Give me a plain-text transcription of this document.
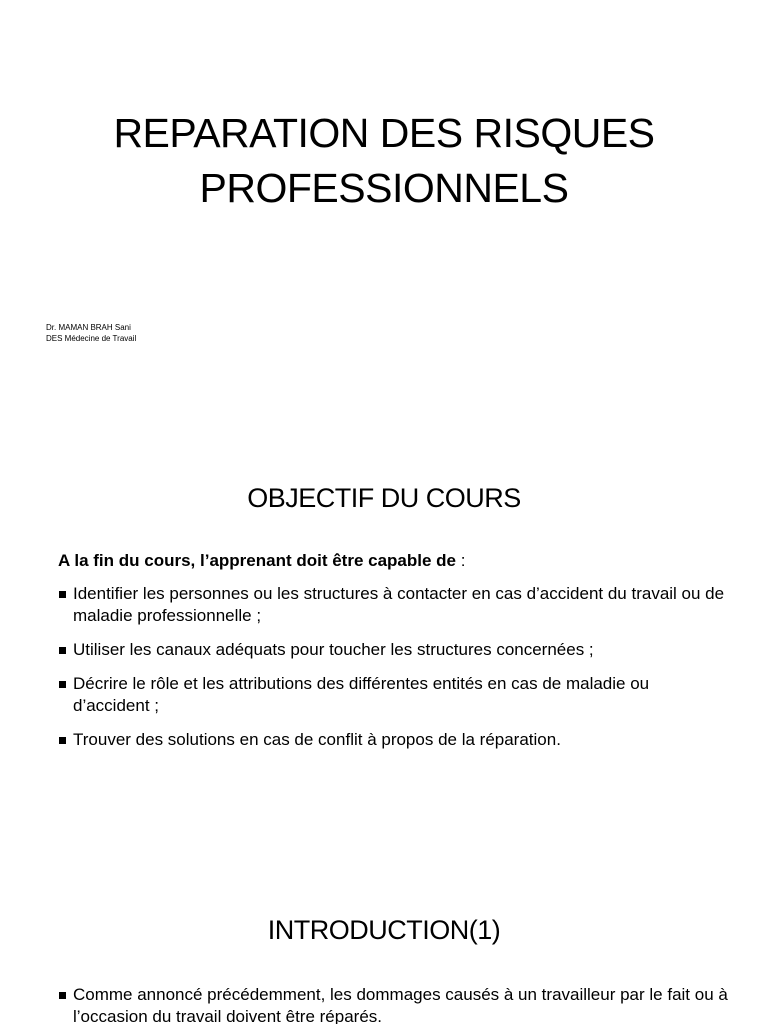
REPARATION DES RISQUES
PROFESSIONNELS
Dr. MAMAN BRAH Sani
DES Médecine de Travail
OBJECTIF DU COURS
A la fin du cours, l’apprenant doit être capable de :
Identifier les personnes ou les structures à contacter en cas d’accident du travail ou de maladie professionnelle ;
Utiliser les canaux adéquats pour toucher les structures concernées ;
Décrire le rôle et les attributions des différentes entités en cas de maladie ou d’accident ;
Trouver des solutions en cas de conflit à propos de la réparation.
INTRODUCTION(1)
Comme annoncé précédemment, les dommages causés à un travailleur par le fait ou à l’occasion du travail doivent être réparés.
